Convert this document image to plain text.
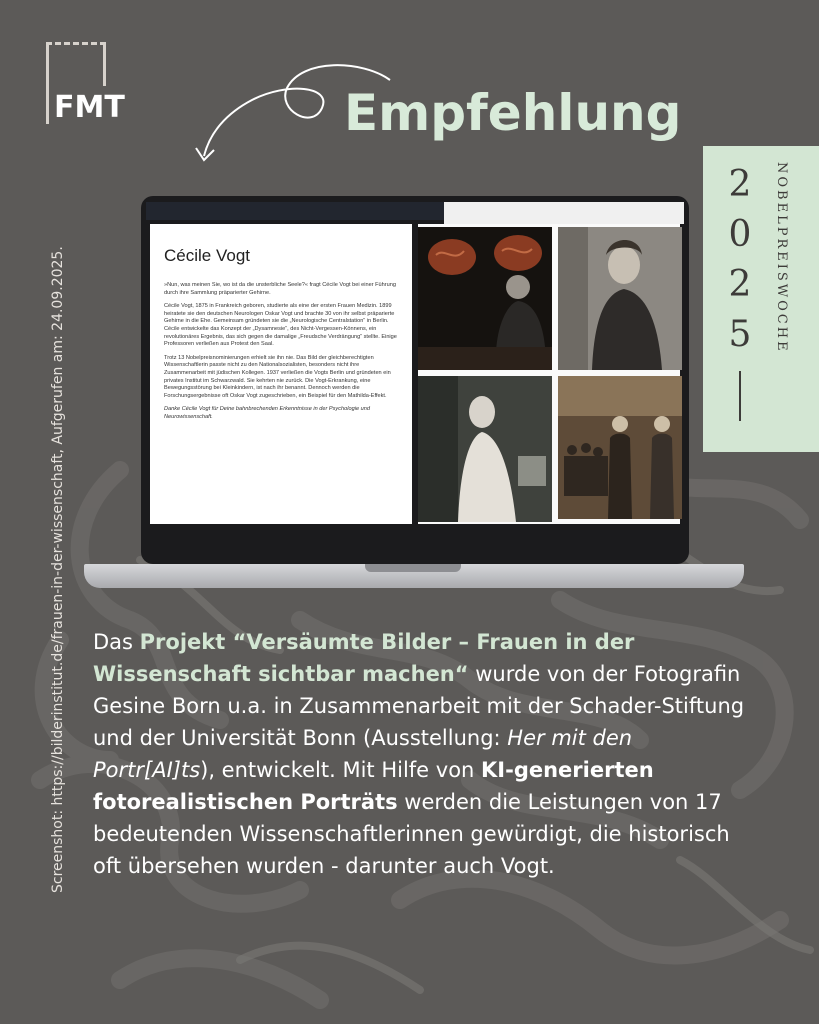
FMT	Empfehlung
Screenshot: https://bilderinstitut.de/frauen-in-der-wissenschaft, Aufgerufen am: 24.09.2025.
2
0
2
5	NOBELPREISWOCHE
Cécile Vogt

»Nun, was meinen Sie, wo ist da die unsterbliche Seele?« fragt Cécile Vogt bei einer Führung durch ihre Sammlung präparierter Gehirne.

Cécile Vogt, 1875 in Frankreich geboren, studierte als eine der ersten Frauen Medizin. 1899 heiratete sie den deutschen Neurologen Oskar Vogt und brachte 30 von ihr selbst präparierte Gehirne in die Ehe. Gemeinsam gründeten sie die „Neurologische Centralstation“ in Berlin. Cécile entwickelte das Konzept der „Dysamnesie“, des Nicht-Vergessen-Könnens, ein revolutionäres Ergebnis, das sich gegen die damalige „Freudsche Verdrängung“ stellte. Einige Professoren verließen aus Protest den Saal.

Trotz 13 Nobelpreisnominierungen erhielt sie ihn nie. Das Bild der gleichberechtigten Wissenschaftlerin passte nicht zu den Nationalsozialisten, besonders nicht ihre Zusammenarbeit mit jüdischen Kollegen. 1937 verließen die Vogts Berlin und gründeten ein privates Institut im Schwarzwald. Sie kehrten nie zurück. Die Vogt-Erkrankung, eine Bewegungsstörung bei Kleinkindern, ist nach ihr benannt. Dennoch werden die Forschungsergebnisse oft Oskar Vogt zugeschrieben, ein Beispiel für den Mathilda-Effekt.

Danke Cécile Vogt für Deine bahnbrechenden Erkenntnisse in der Psychologie und Neurowissenschaft.

Das Projekt “Versäumte Bilder – Frauen in der Wissenschaft sichtbar machen“ wurde von der Fotografin Gesine Born u.a. in Zusammenarbeit mit der Schader-Stiftung und der Universität Bonn (Ausstellung: Her mit den Portr[AI]ts), entwickelt. Mit Hilfe von KI-generierten fotorealistischen Porträts werden die Leistungen von 17 bedeutenden Wissenschaftlerinnen gewürdigt, die historisch oft übersehen wurden - darunter auch Vogt.
